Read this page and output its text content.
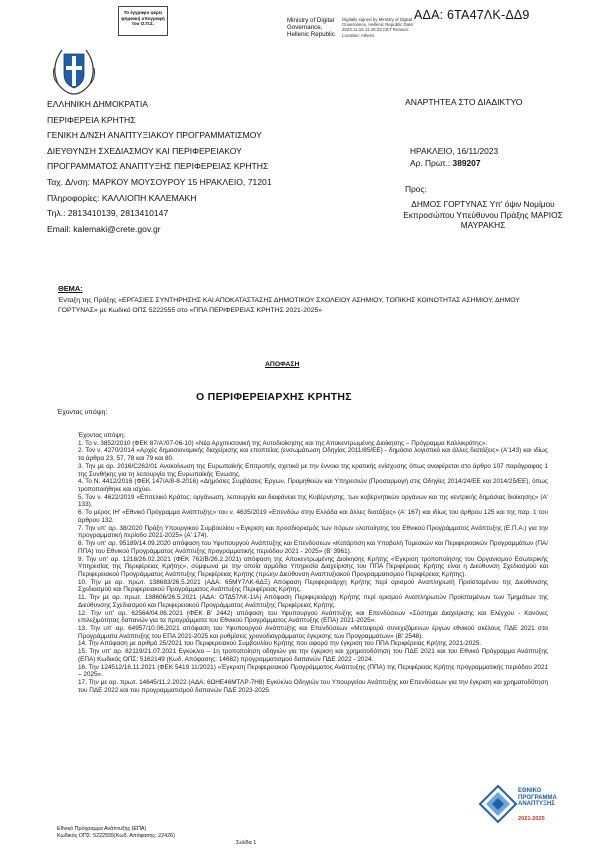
Το έγγραφο φέρει ψηφιακή υπογραφή του Ο.Π.Σ.	Ministry of Digital Governance, Hellenic Republic
Digitally signed by Ministry of Digital Governance, Hellenic Republic Date: 2023.11.16 11:45:33 CET Reason: Location: Athens
ΑΔΑ: 6ΤΑ47ΛΚ-ΔΔ9
ΕΛΛΗΝΙΚΗ ΔΗΜΟΚΡΑΤΙΑ
ΠΕΡΙΦΕΡΕΙΑ ΚΡΗΤΗΣ
ΓΕΝΙΚΗ Δ/ΝΣΗ ΑΝΑΠΤΥΞΙΑΚΟΥ ΠΡΟΓΡΑΜΜΑΤΙΣΜΟΥ
ΔΙΕΥΘΥΝΣΗ ΣΧΕΔΙΑΣΜΟΥ ΚΑΙ ΠΕΡΙΦΕΡΕΙΑΚΟΥ
ΠΡΟΓΡΑΜΜΑΤΟΣ ΑΝΑΠΤΥΞΗΣ ΠΕΡΙΦΕΡΕΙΑΣ ΚΡΗΤΗΣ
Ταχ. Δ/νση: ΜΑΡΚΟΥ ΜΟΥΣΟΥΡΟΥ 15 ΗΡΑΚΛΕΙΟ, 71201
Πληροφορίες: ΚΑΛΛΙΟΠΗ ΚΑΛΕΜΑΚΗ
Τηλ.: 2813410139, 2813410147
Email: kalemaki@crete.gov.gr
ΑΝΑΡΤΗΤΕΑ ΣΤΟ ΔΙΑΔΙΚΤΥΟ
ΗΡΑΚΛΕΙΟ, 16/11/2023
Αρ. Πρωτ.: 389207
Προς:
ΔΗΜΟΣ ΓΟΡΤΥΝΑΣ Υπ' όψιν Νομίμου Εκπροσώπου Υπεύθυνου Πράξης ΜΑΡΙΟΣ ΜΑΥΡΑΚΗΣ
ΘΕΜΑ:
Ένταξη της Πράξης «ΕΡΓΑΣΙΕΣ ΣΥΝΤΗΡΗΣΗΣ ΚΑΙ ΑΠΟΚΑΤΑΣΤΑΣΗΣ ΔΗΜΟΤΙΚΟΥ ΣΧΟΛΕΙΟΥ ΑΣΗΜΙΟΥ, ΤΟΠΙΚΗΣ ΚΟΙΝΟΤΗΤΑΣ ΑΣΗΜΙΟΥ, ΔΗΜΟΥ ΓΟΡΤΥΝΑΣ» με Κωδικό ΟΠΣ 5222555 στο «ΠΠΑ ΠΕΡΙΦΕΡΕΙΑΣ ΚΡΗΤΗΣ 2021-2025»
ΑΠΟΦΑΣΗ
Ο ΠΕΡΙΦΕΡΕΙΑΡΧΗΣ ΚΡΗΤΗΣ
Έχοντας υπόψη:

Έχοντας υπόψη:

1. Το ν. 3852/2010 (ΦΕΚ 87/Α'/07-06-10) «Νέα Αρχιτεκτονική της Αυτοδιοίκησης και της Αποκεντρωμένης Διοίκησης – Πρόγραμμα Καλλικράτης».

2. Τον ν. 4270/2014 «Αρχές δημοσιονομικής διαχείρισης και εποπτείας (ενσωμάτωση Οδηγίας 2011/85/ΕΕ) - δημόσιο λογιστικό και άλλες διατάξεις» (Α'143) και ιδίως τα άρθρα 23, 57, 78 και 79 και 80.

3. Την με αρ. 2016/C262/01 Ανακοίνωση της Ευρωπαϊκής Επιτροπής σχετικά με την έννοια της κρατικής ενίσχυσης όπως αναφέρεται στο άρθρο 107 παράγραφος 1 της Συνθήκης για τη λειτουργία της Ευρωπαϊκής Ένωσης.

4. Το Ν. 4412/2016 (ΦΕΚ 147/Α/8-8-2016) «Δημόσιες Συμβάσεις Έργων, Προμηθειών και Υπηρεσιών (Προσαρμογή στις Οδηγίες 2014/24/ΕΕ και 2014/25/ΕΕ), όπως τροποποιήθηκε και ισχύει.

5. Τον ν. 4622/2019 «Επιτελικό Κράτος: οργάνωση, λειτουργία και διαφάνεια της Κυβέρνησης, των κυβερνητικών οργάνων και της κεντρικής δημόσιας διοίκησης» (Α' 133).

6. Το μέρος ΙΗ' «Εθνικό Πρόγραμμα Ανάπτυξης» του ν. 4635/2019 «Επενδύω στην Ελλάδα και άλλες διατάξεις» (Α' 167) και ιδίως του άρθρου 125 και της παρ. 1 του άρθρου 132.

7. Την υπ' αρ. 38/2020 Πράξη Υπουργικού Συμβουλίου «Έγκριση και προσδιορισμός των πόρων υλοποίησης του Εθνικού Προγράμματος Ανάπτυξης (Ε.Π.Α.) για την προγραμματική περίοδο 2021-2025» (Α' 174).

8. Την υπ' αρ. 95189/14.09.2020 απόφαση του Υφυπουργού Ανάπτυξης και Επενδύσεων «Κατάρτιση και Υποβολή Τομεακών και Περιφερειακών Προγραμμάτων (ΠΑ/ΠΠΑ) του Εθνικού Προγράμματος Ανάπτυξης προγραμματικής περιόδου 2021 - 2025» (Β' 3961).

9. Την υπ' αρ. 1218/26.02.2021 (ΦΕΚ 762/Β/26.2.2021) απόφαση της Αποκεντρωμένης Διοίκησης Κρήτης «Έγκριση τροποποίησης του Οργανισμού Εσωτερικής Υπηρεσίας της Περιφέρειας Κρήτης», σύμφωνα με την οποία αρμόδια Υπηρεσία Διαχείρισης του ΠΠΑ Περιφέρειας Κρήτης είναι η Διεύθυνση Σχεδιασμού και Περιφερειακού Προγράμματος Ανάπτυξης Περιφέρειας Κρήτης (πρώην Διεύθυνση Αναπτυξιακού Προγραμματισμού Περιφέρειας Κρήτης).

10. Την με αρ. πρωτ. 138683/26.5.2021 (ΑΔΑ: 65ΜΥ7ΛΚ-6ΔΞ) Απόφαση Περιφερειάρχη Κρήτης περί ορισμού Αναπληρωτή Προϊσταμένου της Διεύθυνσης Σχεδιασμού και Περιφερειακού Προγράμματος Ανάπτυξης Περιφέρειας Κρήτης.

11. Την με αρ. πρωτ. 138606/26.5.2021 (ΑΔΑ: ΟΤΔ57ΛΚ-1ΙΑ) Απόφαση Περιφερειάρχη Κρήτης περί ορισμού Αναπληρωτών Προϊσταμένων των Τμημάτων της Διεύθυνσης Σχεδιασμού και Περιφερειακού Προγράμματος Ανάπτυξης Περιφέρειας Κρήτης.

12. Την υπ' αρ. 62564/04.06.2021 (ΦΕΚ Β' 2442) απόφαση του Υφυπουργού Ανάπτυξης και Επενδύσεων «Σύστημα Διαχείρισης και Ελέγχου - Κανόνες επιλεξιμότητας δαπανών για τα προγράμματα του Εθνικού Προγράμματος Ανάπτυξης (ΕΠΑ) 2021-2025».

13. Την υπ' αρ. 64957/10.06.2021 απόφαση του Υφυπουργού Ανάπτυξης και Επενδύσεων «Μεταφορά συνεχιζόμενων έργων εθνικού σκέλους ΠΔΕ 2021 στα Προγράμματα Ανάπτυξης του ΕΠΑ 2021-2025 και ρυθμίσεις χρονοδιαγράμματος έγκρισης των Προγραμμάτων» (Β' 2548).

14. Την Απόφαση με αριθμό 25/2021 του Περιφερειακού Συμβουλίου Κρήτης που αφορά την έγκριση του ΠΠΑ Περιφέρειας Κρήτης 2021-2025.

15. Την υπ' αρ. 82119/21.07.2021 Εγκύκλιο – 1η τροποποίηση οδηγιών για την έγκριση και χρηματοδότηση του ΠΔΕ 2021 και του Εθνικό Πρόγραμμα Ανάπτυξης (ΕΠΑ) Κωδικός ΟΠΣ: 5162149 (Κωδ. Απόφασης: 14682) προγραμματισμού δαπανών ΠΔΕ 2022 - 2024.

16. Την 124512/16.11.2021 (ΦΕΚ 5419 11/2021) «Έγκριση Περιφερειακού Προγράμματος Ανάπτυξης (ΠΠΑ) της Περιφέρειας Κρήτης προγραμματικής περιόδου 2021 – 2025».

17. Την με αρ. πρωτ. 14645/11.2.2022 (ΑΔΑ: 6ΩΗΕ46ΜΤΛΡ-7Η8) Εγκύκλιο Οδηγιών του Υπουργείου Ανάπτυξης και Επενδύσεων για την έγκριση και χρηματοδότηση του ΠΔΕ 2022 και του προγραμματισμού δαπανών ΠΔΕ 2023-2025.

ΕΘΝΙΚΟ
ΠΡΟΓΡΑΜΜΑ
ΑΝΑΠΤΥΞΗΣ
2021-2025
Εθνικό Πρόγραμμα Ανάπτυξης (ΕΠΑ)
Κωδικός ΟΠΣ: 5222555(Κωδ. Απόφασης: 22426)
Σελίδα 1
